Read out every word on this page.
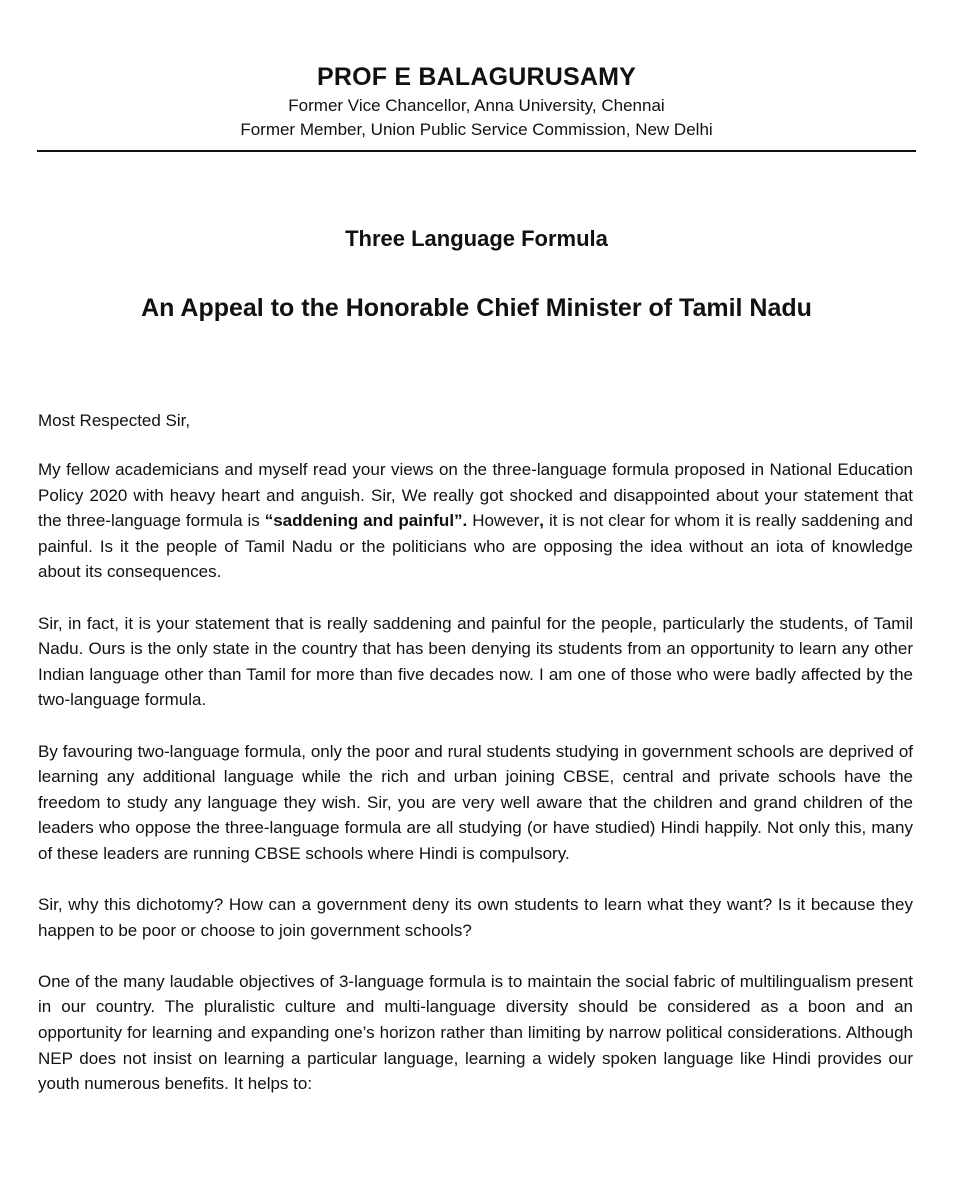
PROF E BALAGURUSAMY
Former Vice Chancellor, Anna University, Chennai
Former Member, Union Public Service Commission, New Delhi
Three Language Formula
An Appeal to the Honorable Chief Minister of Tamil Nadu
Most Respected Sir,

My fellow academicians and myself read your views on the three-language formula proposed in National Education Policy 2020 with heavy heart and anguish. Sir, We really got shocked and disappointed about your statement that the three-language formula is “saddening and painful”. However, it is not clear for whom it is really saddening and painful. Is it the people of Tamil Nadu or the politicians who are opposing the idea without an iota of knowledge about its consequences.

Sir, in fact, it is your statement that is really saddening and painful for the people, particularly the students, of Tamil Nadu. Ours is the only state in the country that has been denying its students from an opportunity to learn any other Indian language other than Tamil for more than five decades now. I am one of those who were badly affected by the two-language formula.

By favouring two-language formula, only the poor and rural students studying in government schools are deprived of learning any additional language while the rich and urban joining CBSE, central and private schools have the freedom to study any language they wish. Sir, you are very well aware that the children and grand children of the leaders who oppose the three-language formula are all studying (or have studied) Hindi happily. Not only this, many of these leaders are running CBSE schools where Hindi is compulsory.

Sir, why this dichotomy? How can a government deny its own students to learn what they want? Is it because they happen to be poor or choose to join government schools?

One of the many laudable objectives of 3-language formula is to maintain the social fabric of multilingualism present in our country. The pluralistic culture and multi-language diversity should be considered as a boon and an opportunity for learning and expanding one’s horizon rather than limiting by narrow political considerations. Although NEP does not insist on learning a particular language, learning a widely spoken language like Hindi provides our youth numerous benefits. It helps to:
